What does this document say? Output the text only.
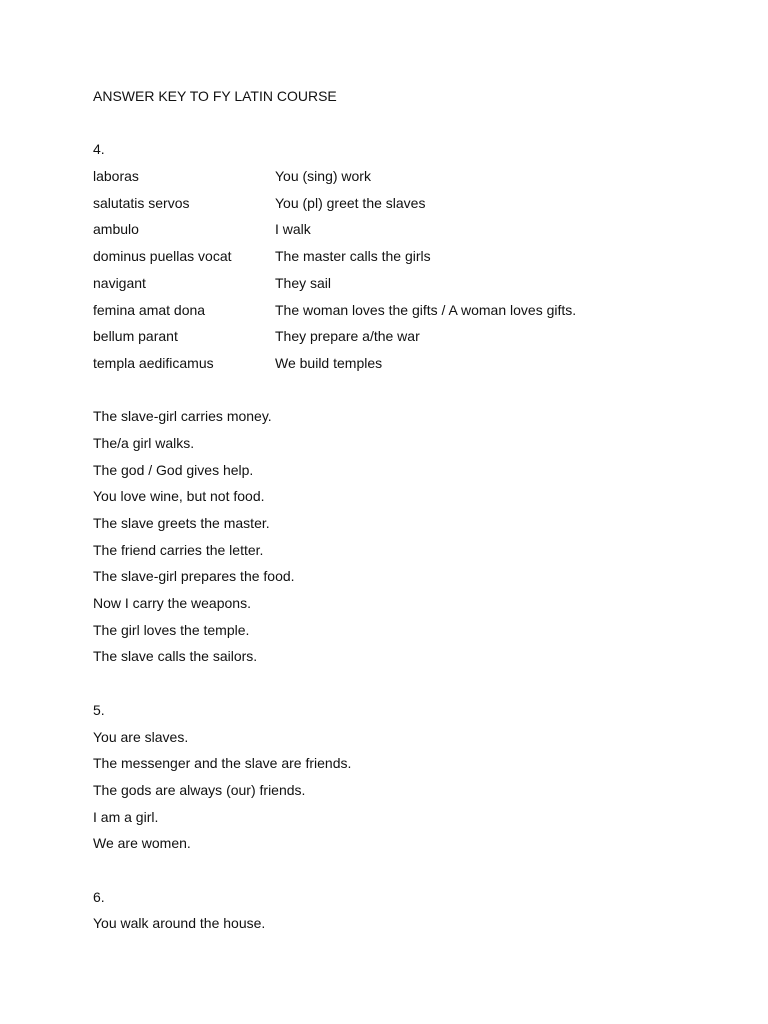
ANSWER KEY TO FY LATIN COURSE
4.
laboras	You (sing) work
salutatis servos	You (pl) greet the slaves
ambulo	I walk
dominus puellas vocat	The master calls the girls
navigant	They sail
femina amat dona	The woman loves the gifts / A woman loves gifts.
bellum parant	They prepare a/the war
templa aedificamus	We build temples
The slave-girl carries money.
The/a girl walks.
The god / God gives help.
You love wine, but not food.
The slave greets the master.
The friend carries the letter.
The slave-girl prepares the food.
Now I carry the weapons.
The girl loves the temple.
The slave calls the sailors.
5.
You are slaves.
The messenger and the slave are friends.
The gods are always (our) friends.
I am a girl.
We are women.
6.
You walk around the house.
